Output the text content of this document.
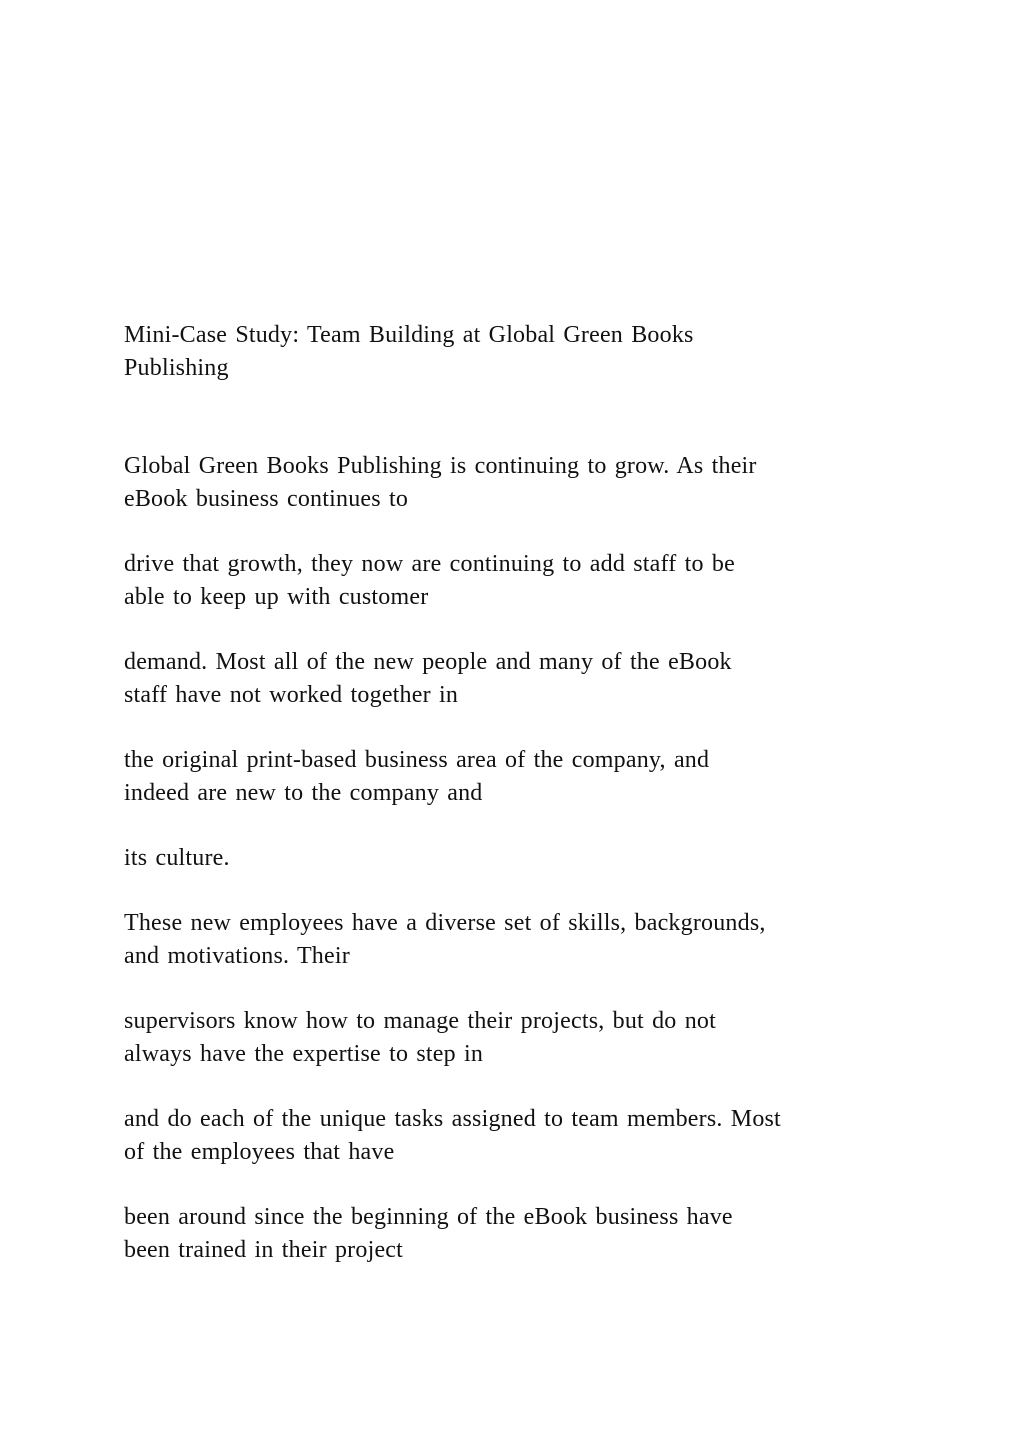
Mini-Case Study: Team Building at Global Green Books
Publishing
Global Green Books Publishing is continuing to grow. As their
eBook business continues to
drive that growth, they now are continuing to add staff to be
able to keep up with customer
demand. Most all of the new people and many of the eBook
staff have not worked together in
the original print-based business area of the company, and
indeed are new to the company and
its culture.
These new employees have a diverse set of skills, backgrounds,
and motivations. Their
supervisors know how to manage their projects, but do not
always have the expertise to step in
and do each of the unique tasks assigned to team members. Most
of the employees that have
been around since the beginning of the eBook business have
been trained in their project
